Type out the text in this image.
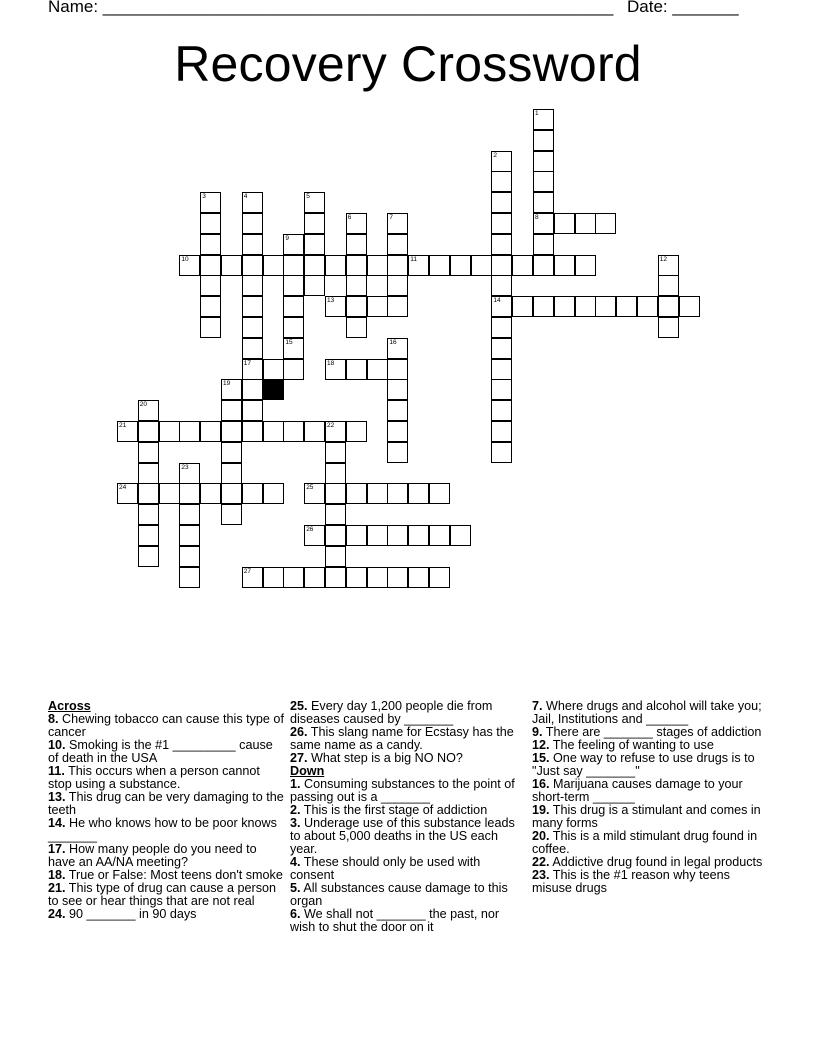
Name: ______________________________________________________ Date: _______
Recovery Crossword
1
8
2
14
3	4
17
5
6	7
9
10	11	12
13
15	16
18
19
20
21	22
23
24	25
26
27
Across
8. Chewing tobacco can cause this type of cancer
10. Smoking is the #1 _________ cause of death in the USA
11. This occurs when a person cannot stop using a substance.
13. This drug can be very damaging to the teeth
14. He who knows how to be poor knows _______
17. How many people do you need to have an AA/NA meeting?
18. True or False: Most teens don't smoke
21. This type of drug can cause a person to see or hear things that are not real
24. 90 _______ in 90 days
25. Every day 1,200 people die from diseases caused by _______
26. This slang name for Ecstasy has the same name as a candy.
27. What step is a big NO NO?
Down
1. Consuming substances to the point of passing out is a _______
2. This is the first stage of addiction
3. Underage use of this substance leads to about 5,000 deaths in the US each year.
4. These should only be used with consent
5. All substances cause damage to this organ
6. We shall not _______ the past, nor wish to shut the door on it
7. Where drugs and alcohol will take you; Jail, Institutions and ______
9. There are _______ stages of addiction
12. The feeling of wanting to use
15. One way to refuse to use drugs is to "Just say _______"
16. Marijuana causes damage to your short-term ______
19. This drug is a stimulant and comes in many forms
20. This is a mild stimulant drug found in coffee.
22. Addictive drug found in legal products
23. This is the #1 reason why teens misuse drugs
